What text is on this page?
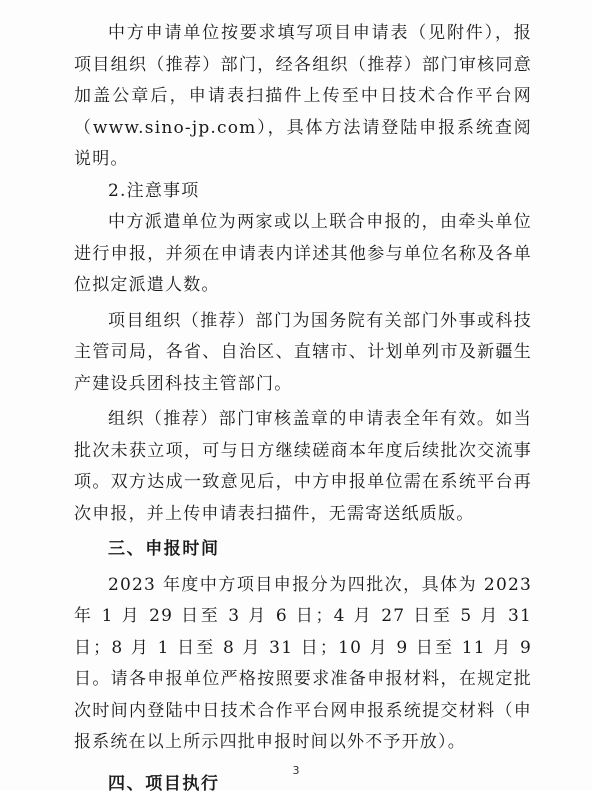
中方申请单位按要求填写项目申请表（见附件），报项目组织（推荐）部门，经各组织（推荐）部门审核同意加盖公章后，申请表扫描件上传至中日技术合作平台网（www.sino-jp.com），具体方法请登陆申报系统查阅说明。

2.注意事项

中方派遣单位为两家或以上联合申报的，由牵头单位进行申报，并须在申请表内详述其他参与单位名称及各单位拟定派遣人数。

项目组织（推荐）部门为国务院有关部门外事或科技主管司局，各省、自治区、直辖市、计划单列市及新疆生产建设兵团科技主管部门。

组织（推荐）部门审核盖章的申请表全年有效。如当批次未获立项，可与日方继续磋商本年度后续批次交流事项。双方达成一致意见后，中方申报单位需在系统平台再次申报，并上传申请表扫描件，无需寄送纸质版。

三、申报时间

2023 年度中方项目申报分为四批次，具体为 2023 年 1 月 29 日至 3 月 6 日；4 月 27 日至 5 月 31 日；8 月 1 日至 8 月 31 日；10 月 9 日至 11 月 9 日。请各申报单位严格按照要求准备申报材料，在规定批次时间内登陆中日技术合作平台网申报系统提交材料（申报系统在以上所示四批申报时间以外不予开放）。

四、项目执行
3
